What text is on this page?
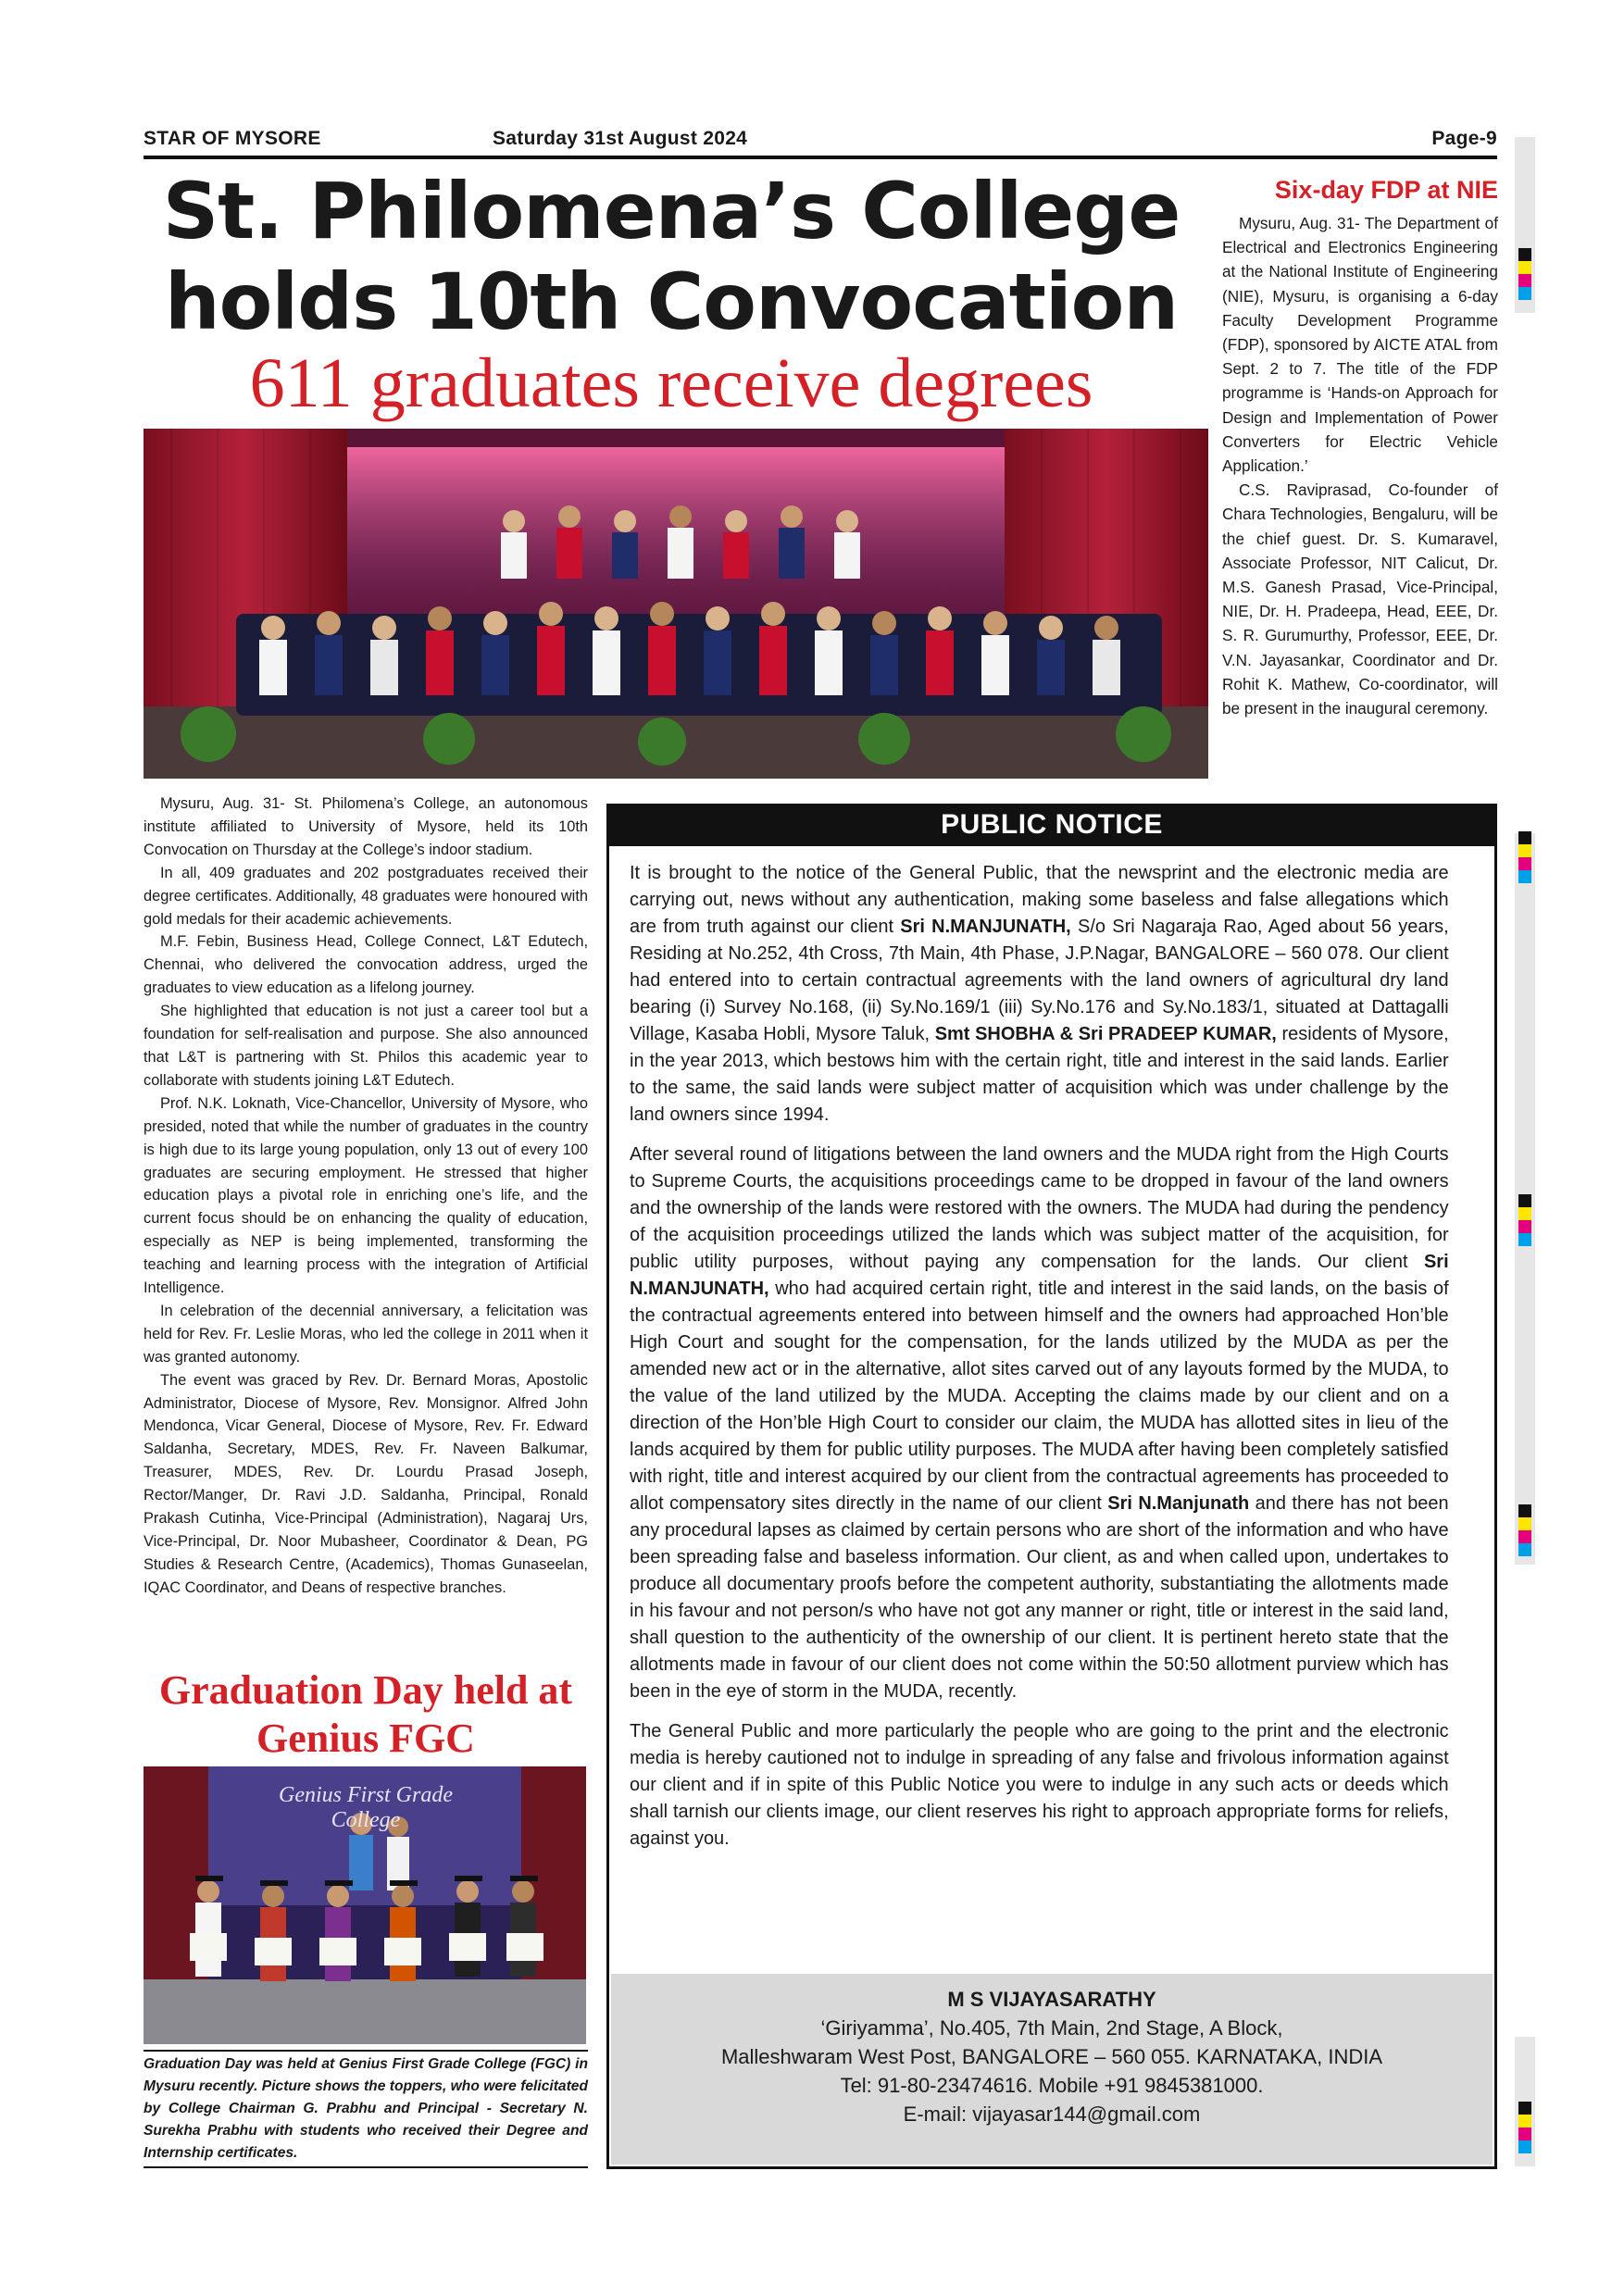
STAR OF MYSORE	Saturday 31st August 2024	Page-9
St. Philomena’s College
holds 10th Convocation
611 graduates receive degrees
Six-day FDP at NIE

Mysuru, Aug. 31- The Department of Electrical and Electronics Engineering at the National Institute of Engineering (NIE), Mysuru, is organising a 6-day Faculty Development Programme (FDP), sponsored by AICTE ATAL from Sept. 2 to 7. The title of the FDP programme is ‘Hands-on Approach for Design and Implementation of Power Converters for Electric Vehicle Application.’

C.S. Raviprasad, Co-founder of Chara Technologies, Bengaluru, will be the chief guest. Dr. S. Kumaravel, Associate Professor, NIT Calicut, Dr. M.S. Ganesh Prasad, Vice-Principal, NIE, Dr. H. Pradeepa, Head, EEE, Dr. S. R. Gurumurthy, Professor, EEE, Dr. V.N. Jayasankar, Coordinator and Dr. Rohit K. Mathew, Co-coordinator, will be present in the inaugural ceremony.

Mysuru, Aug. 31- St. Philomena’s College, an autonomous institute affiliated to University of Mysore, held its 10th Convocation on Thursday at the College’s indoor stadium.

In all, 409 graduates and 202 postgraduates received their degree certificates. Additionally, 48 graduates were honoured with gold medals for their academic achievements.

M.F. Febin, Business Head, College Connect, L&T Edutech, Chennai, who delivered the convocation address, urged the graduates to view education as a lifelong journey.

She highlighted that education is not just a career tool but a foundation for self-realisation and purpose. She also announced that L&T is partnering with St. Philos this academic year to collaborate with students joining L&T Edutech.

Prof. N.K. Loknath, Vice-Chancellor, University of Mysore, who presided, noted that while the number of graduates in the country is high due to its large young population, only 13 out of every 100 graduates are securing employment. He stressed that higher education plays a pivotal role in enriching one’s life, and the current focus should be on enhancing the quality of education, especially as NEP is being implemented, transforming the teaching and learning process with the integration of Artificial Intelligence.

In celebration of the decennial anniversary, a felicitation was held for Rev. Fr. Leslie Moras, who led the college in 2011 when it was granted autonomy.

The event was graced by Rev. Dr. Bernard Moras, Apostolic Administrator, Diocese of Mysore, Rev. Monsignor. Alfred John Mendonca, Vicar General, Diocese of Mysore, Rev. Fr. Edward Saldanha, Secretary, MDES, Rev. Fr. Naveen Balkumar, Treasurer, MDES, Rev. Dr. Lourdu Prasad Joseph, Rector/Manger, Dr. Ravi J.D. Saldanha, Principal, Ronald Prakash Cutinha, Vice-Principal (Administration), Nagaraj Urs, Vice-Principal, Dr. Noor Mubasheer, Coordinator & Dean, PG Studies & Research Centre, (Academics), Thomas Gunaseelan, IQAC Coordinator, and Deans of respective branches.

Graduation Day held at Genius FGC
Genius First Grade College
Graduation Day was held at Genius First Grade College (FGC) in Mysuru recently. Picture shows the toppers, who were felicitated by College Chairman G. Prabhu and Principal - Secretary N. Surekha Prabhu with students who received their Degree and Internship certificates.
PUBLIC NOTICE

It is brought to the notice of the General Public, that the newsprint and the electronic media are carrying out, news without any authentication, making some baseless and false allegations which are from truth against our client Sri N.MANJUNATH, S/o Sri Nagaraja Rao, Aged about 56 years, Residing at No.252, 4th Cross, 7th Main, 4th Phase, J.P.Nagar, BANGALORE – 560 078. Our client had entered into to certain contractual agreements with the land owners of agricultural dry land bearing (i) Survey No.168, (ii) Sy.No.169/1 (iii) Sy.No.176 and Sy.No.183/1, situated at Dattagalli Village, Kasaba Hobli, Mysore Taluk, Smt SHOBHA & Sri PRADEEP KUMAR, residents of Mysore, in the year 2013, which bestows him with the certain right, title and interest in the said lands. Earlier to the same, the said lands were subject matter of acquisition which was under challenge by the land owners since 1994.

After several round of litigations between the land owners and the MUDA right from the High Courts to Supreme Courts, the acquisitions proceedings came to be dropped in favour of the land owners and the ownership of the lands were restored with the owners. The MUDA had during the pendency of the acquisition proceedings utilized the lands which was subject matter of the acquisition, for public utility purposes, without paying any compensation for the lands. Our client Sri N.MANJUNATH, who had acquired certain right, title and interest in the said lands, on the basis of the contractual agreements entered into between himself and the owners had approached Hon’ble High Court and sought for the compensation, for the lands utilized by the MUDA as per the amended new act or in the alternative, allot sites carved out of any layouts formed by the MUDA, to the value of the land utilized by the MUDA. Accepting the claims made by our client and on a direction of the Hon’ble High Court to consider our claim, the MUDA has allotted sites in lieu of the lands acquired by them for public utility purposes. The MUDA after having been completely satisfied with right, title and interest acquired by our client from the contractual agreements has proceeded to allot compensatory sites directly in the name of our client Sri N.Manjunath and there has not been any procedural lapses as claimed by certain persons who are short of the information and who have been spreading false and baseless information. Our client, as and when called upon, undertakes to produce all documentary proofs before the competent authority, substantiating the allotments made in his favour and not person/s who have not got any manner or right, title or interest in the said land, shall question to the authenticity of the ownership of our client. It is pertinent hereto state that the allotments made in favour of our client does not come within the 50:50 allotment purview which has been in the eye of storm in the MUDA, recently.

The General Public and more particularly the people who are going to the print and the electronic media is hereby cautioned not to indulge in spreading of any false and frivolous information against our client and if in spite of this Public Notice you were to indulge in any such acts or deeds which shall tarnish our clients image, our client reserves his right to approach appropriate forms for reliefs, against you.

M S VIJAYASARATHY
‘Giriyamma’, No.405, 7th Main, 2nd Stage, A Block,
Malleshwaram West Post, BANGALORE – 560 055. KARNATAKA, INDIA
Tel: 91-80-23474616. Mobile +91 9845381000.
E-mail: vijayasar144@gmail.com
